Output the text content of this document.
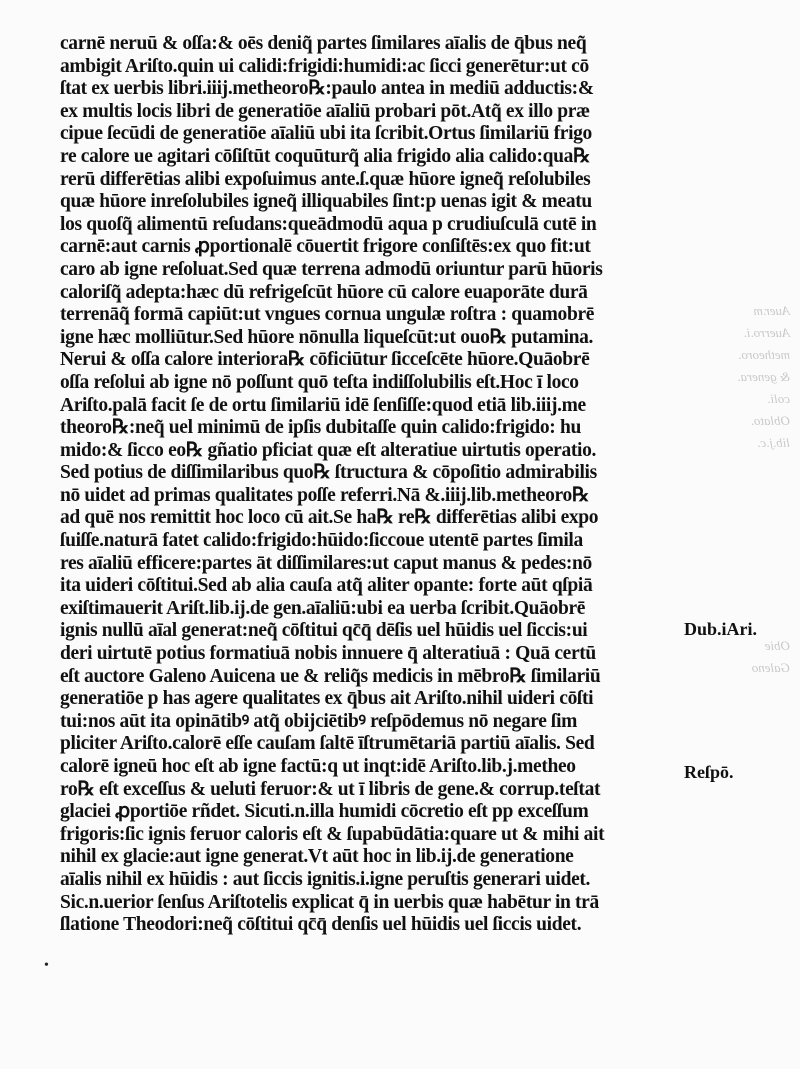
Auer.m
Auerro.i.
metheoro.
& genera.
coli.
Oblato.
lib.j.c.
Obie
Galeno
carnē neruū & oſſa:& oēs deniq̃ partes ſimilares aīalis de q̄bus neq̃
ambigit Ariſto.quin ui calidi:frigidi:humidi:ac ſicci generētur:ut cō
ſtat ex uerbis libri.iiij.metheoro℞:paulo antea in mediū adductis:&
ex multis locis libri de generatiōe aīaliū probari pōt.Atq̃ ex illo præ
cipue ſecūdi de generatiōe aīaliū ubi ita ſcribit.Ortus ſimilariū frigo
re calore ue agitari cōſiſtūt coquūturq̃ alia frigido alia calido:qua℞
rerū differētias alibi expoſuimus ante.ſ.quæ hūore igneq̃ reſolubiles
quæ hūore inreſolubiles igneq̃ illiquabiles ſint:p uenas igit & meatu
los quoſq̃ alimentū reſudans:queādmodū aqua p crudiuſculā cutē in
carnē:aut carnis ꝓportionalē cōuertit frigore conſiſtēs:ex quo fit:ut
caro ab igne reſoluat.Sed quæ terrena admodū oriuntur parū hūoris
caloriſq̃ adepta:hæc dū refrigeſcūt hūore cū calore euaporāte durā
terrenāq̃ formā capiūt:ut vngues cornua ungulæ roſtra : quamobrē
igne hæc molliūtur.Sed hūore nōnulla liqueſcūt:ut ouo℞ putamina.
Nerui & oſſa calore interiora℞ cōficiūtur ſicceſcēte hūore.Quāobrē
oſſa reſolui ab igne nō poſſunt quō teſta indiſſolubilis eſt.Hoc ī loco
Ariſto.palā facit ſe de ortu ſimilariū idē ſenſiſſe:quod etiā lib.iiij.me
theoro℞:neq̃ uel minimū de ipſis dubitaſſe quin calido:frigido: hu
mido:& ſicco eo℞ gñatio pficiat quæ eſt alteratiue uirtutis operatio.
Sed potius de diſſimilaribus quo℞ ſtructura & cōpoſitio admirabilis
nō uidet ad primas qualitates poſſe referri.Nā &.iiij.lib.metheoro℞
ad quē nos remittit hoc loco cū ait.Se ha℞ re℞ differētias alibi expo
ſuiſſe.naturā fatet calido:frigido:hūido:ſiccoue utentē partes ſimila
res aīaliū efficere:partes āt diſſimilares:ut caput manus & pedes:nō
ita uideri cōſtitui.Sed ab alia cauſa atq̃ aliter opante: forte aūt qſpiā
exiſtimauerit Ariſt.lib.ij.de gen.aīaliū:ubi ea uerba ſcribit.Quāobrē
ignis nullū aīal generat:neq̃ cōſtitui qc̄q̄ dēſis uel hūidis uel ſiccis:ui
deri uirtutē potius formatiuā nobis innuere q̄ alteratiuā : Quā certū
eſt auctore Galeno Auicena ue & reliq̃s medicis in mēbro℞ ſimilariū
generatiōe p has agere qualitates ex q̄bus ait Ariſto.nihil uideri cōſti
tui:nos aūt ita opinātibꝰ atq̃ obijciētibꝰ reſpōdemus nō negare ſim
pliciter Ariſto.calorē eſſe cauſam ſaltē īſtrumētariā partiū aīalis. Sed
calorē igneū hoc eſt ab igne factū:q ut inqt:idē Ariſto.lib.j.metheo
ro℞ eſt exceſſus & ueluti feruor:& ut ī libris de gene.& corrup.teſtat
glaciei ꝓportiōe rñdet. Sicuti.n.illa humidi cōcretio eſt pp exceſſum
frigoris:ſic ignis feruor caloris eſt & ſupabūdātia:quare ut & mihi ait
nihil ex glacie:aut igne generat.Vt aūt hoc in lib.ij.de generatione
aīalis nihil ex hūidis : aut ſiccis ignitis.i.igne peruſtis generari uidet.
Sic.n.uerior ſenſus Ariſtotelis explicat q̄ in uerbis quæ habētur in trā
ſlatione Theodori:neq̃ cōſtitui qc̄q̄ denſis uel hūidis uel ſiccis uidet.
Dub.iAri.
Reſpō.
•
